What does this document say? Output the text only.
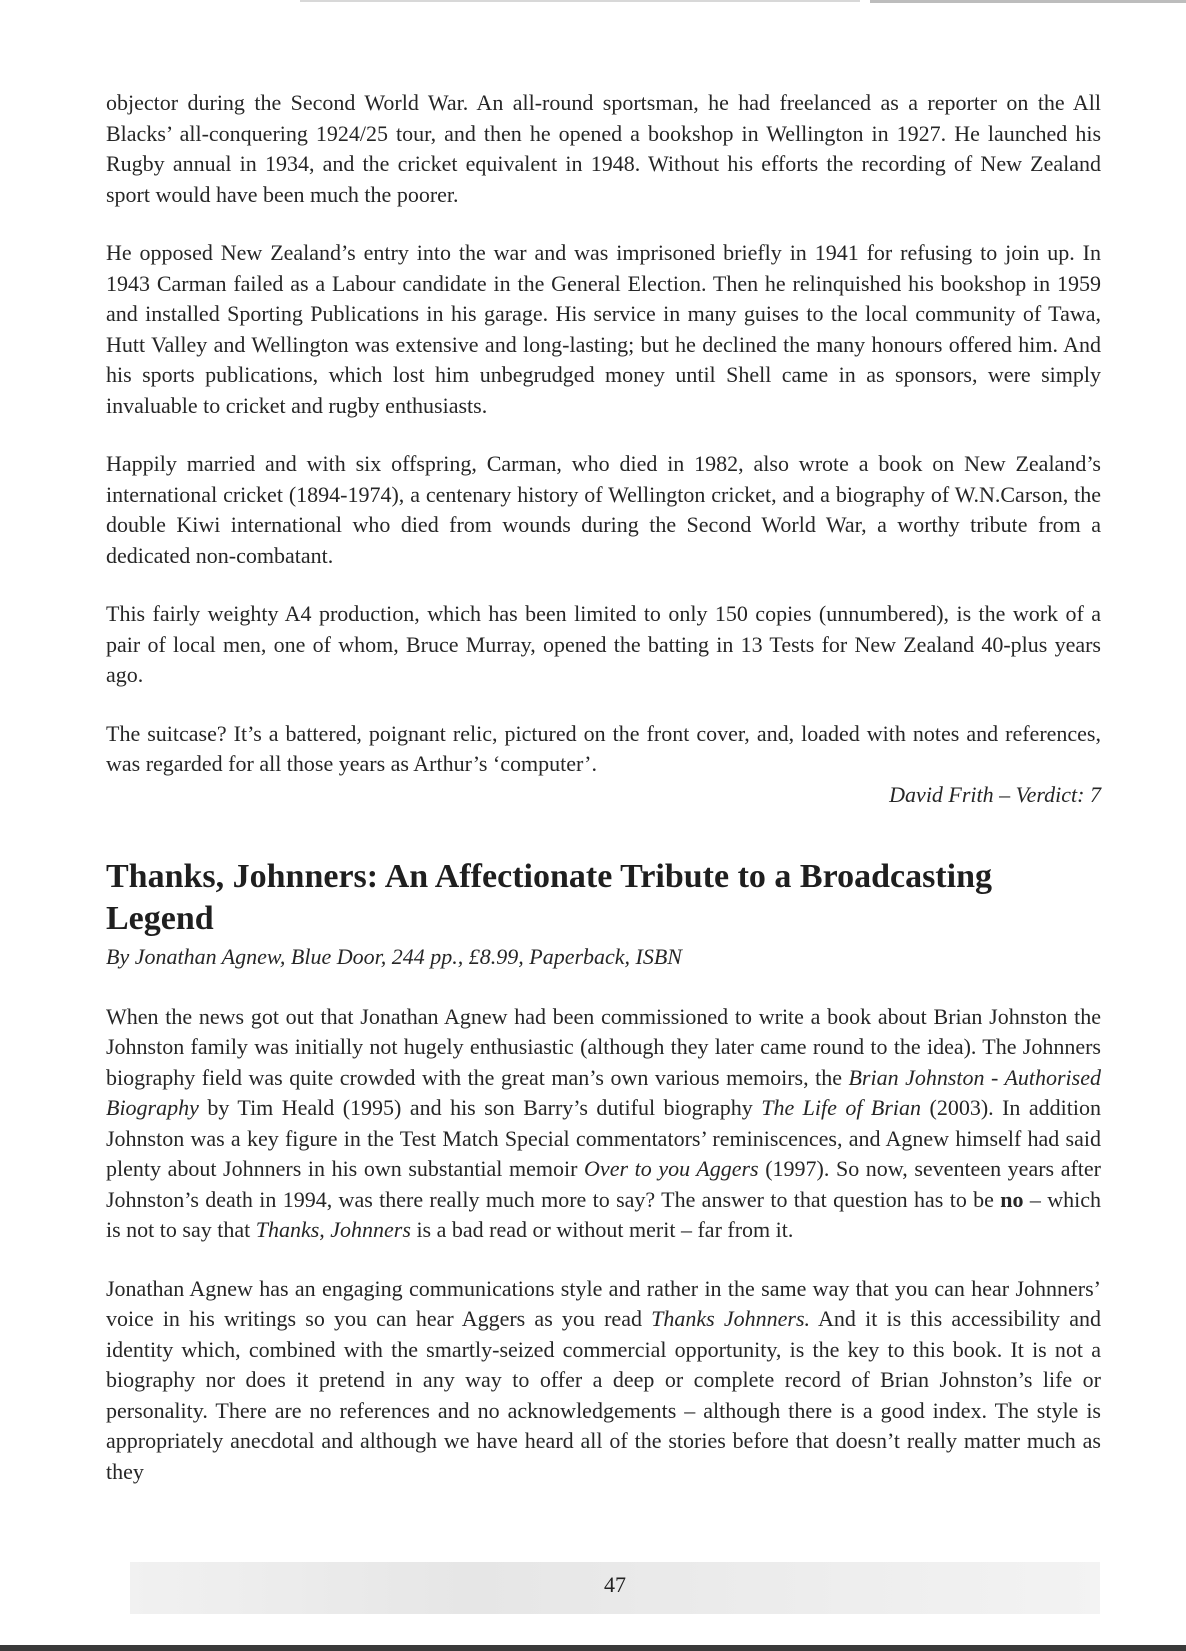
objector during the Second World War. An all-round sportsman, he had freelanced as a reporter on the All Blacks’ all-conquering 1924/25 tour, and then he opened a bookshop in Wellington in 1927. He launched his Rugby annual in 1934, and the cricket equivalent in 1948. Without his efforts the recording of New Zealand sport would have been much the poorer.

He opposed New Zealand’s entry into the war and was imprisoned briefly in 1941 for refusing to join up. In 1943 Carman failed as a Labour candidate in the General Election. Then he relinquished his bookshop in 1959 and installed Sporting Publications in his garage. His service in many guises to the local community of Tawa, Hutt Valley and Wellington was extensive and long-lasting; but he declined the many honours offered him. And his sports publications, which lost him unbegrudged money until Shell came in as sponsors, were simply invaluable to cricket and rugby enthusiasts.

Happily married and with six offspring, Carman, who died in 1982, also wrote a book on New Zealand’s international cricket (1894-1974), a centenary history of Wellington cricket, and a biography of W.N.Carson, the double Kiwi international who died from wounds during the Second World War, a worthy tribute from a dedicated non-combatant.

This fairly weighty A4 production, which has been limited to only 150 copies (unnumbered), is the work of a pair of local men, one of whom, Bruce Murray, opened the batting in 13 Tests for New Zealand 40-plus years ago.

The suitcase? It’s a battered, poignant relic, pictured on the front cover, and, loaded with notes and references, was regarded for all those years as Arthur’s ‘computer’.

David Frith – Verdict: 7
Thanks, Johnners: An Affectionate Tribute to a Broadcasting Legend
By Jonathan Agnew, Blue Door, 244 pp., £8.99, Paperback, ISBN

When the news got out that Jonathan Agnew had been commissioned to write a book about Brian Johnston the Johnston family was initially not hugely enthusiastic (although they later came round to the idea). The Johnners biography field was quite crowded with the great man’s own various memoirs, the Brian Johnston - Authorised Biography by Tim Heald (1995) and his son Barry’s dutiful biography The Life of Brian (2003). In addition Johnston was a key figure in the Test Match Special commentators’ reminiscences, and Agnew himself had said plenty about Johnners in his own substantial memoir Over to you Aggers (1997). So now, seventeen years after Johnston’s death in 1994, was there really much more to say? The answer to that question has to be no – which is not to say that Thanks, Johnners is a bad read or without merit – far from it.

Jonathan Agnew has an engaging communications style and rather in the same way that you can hear Johnners’ voice in his writings so you can hear Aggers as you read Thanks Johnners. And it is this accessibility and identity which, combined with the smartly-seized commercial opportunity, is the key to this book. It is not a biography nor does it pretend in any way to offer a deep or complete record of Brian Johnston’s life or personality. There are no references and no acknowledgements – although there is a good index. The style is appropriately anecdotal and although we have heard all of the stories before that doesn’t really matter much as they

47
